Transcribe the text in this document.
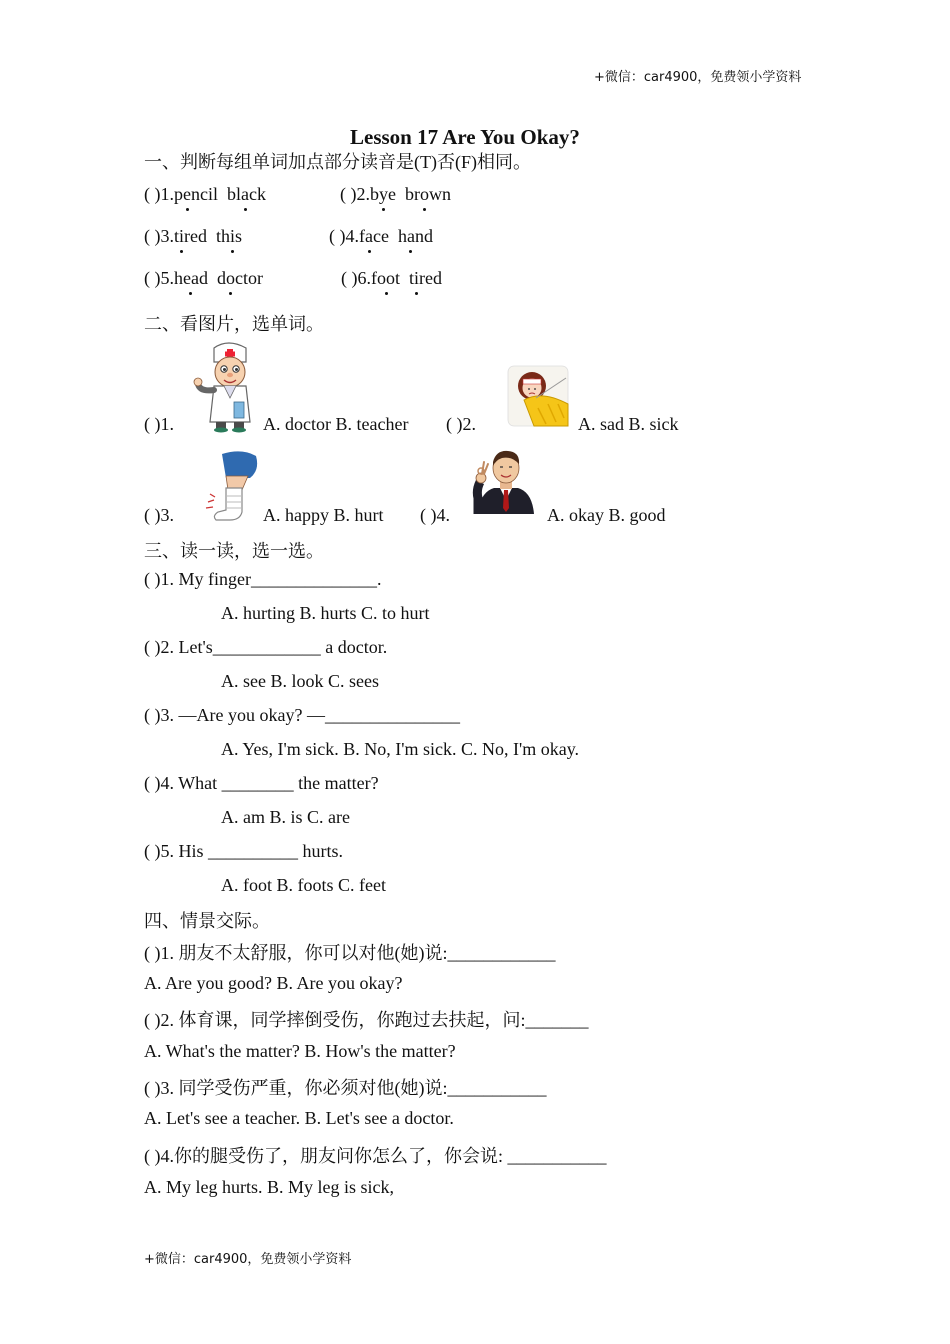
+微信：car4900，免费领小学资料
Lesson 17 Are You Okay?
一、判断每组单词加点部分读音是(T)否(F)相同。
( )1.pencil black	( )2.bye brown
( )3.tired this	( )4.face hand
( )5.head doctor	( )6.foot tired
二、看图片，选单词。
( )1.	A. doctor B. teacher ( )2.	A. sad B. sick
( )3.	A. happy B. hurt ( )4.	A. okay B. good
三、读一读，选一选。
( )1. My finger______________.
A. hurting B. hurts C. to hurt
( )2. Let's____________ a doctor.
A. see B. look C. sees
( )3. —Are you okay? —_______________
A. Yes, I'm sick. B. No, I'm sick. C. No, I'm okay.
( )4. What ________ the matter?
A. am B. is C. are
( )5. His __________ hurts.
A. foot B. foots C. feet
四、情景交际。
( )1. 朋友不太舒服，你可以对他(她)说:____________
A. Are you good? B. Are you okay?
( )2. 体育课，同学摔倒受伤，你跑过去扶起，问:_______
A. What's the matter? B. How's the matter?
( )3. 同学受伤严重，你必须对他(她)说:___________
A. Let's see a teacher. B. Let's see a doctor.
( )4.你的腿受伤了，朋友问你怎么了，你会说: ___________
A. My leg hurts. B. My leg is sick,
+微信：car4900，免费领小学资料
